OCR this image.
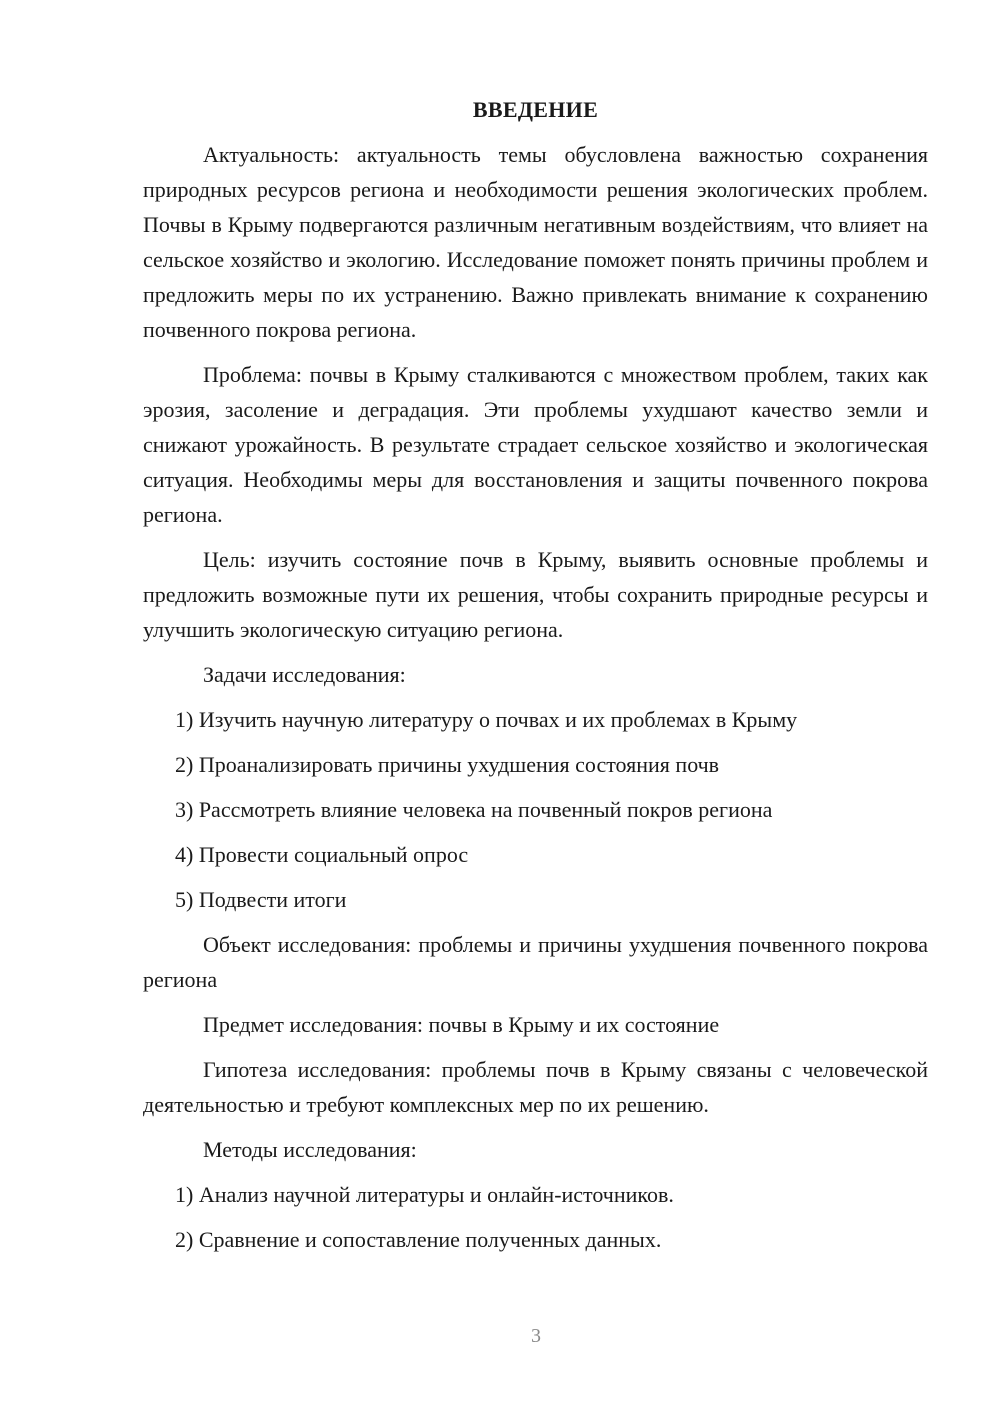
ВВЕДЕНИЕ

Актуальность: актуальность темы обусловлена важностью сохранения природных ресурсов региона и необходимости решения экологических проблем. Почвы в Крыму подвергаются различным негативным воздействиям, что влияет на сельское хозяйство и экологию. Исследование поможет понять причины проблем и предложить меры по их устранению. Важно привлекать внимание к сохранению почвенного покрова региона.

Проблема: почвы в Крыму сталкиваются с множеством проблем, таких как эрозия, засоление и деградация. Эти проблемы ухудшают качество земли и снижают урожайность. В результате страдает сельское хозяйство и экологическая ситуация. Необходимы меры для восстановления и защиты почвенного покрова региона.

Цель: изучить состояние почв в Крыму, выявить основные проблемы и предложить возможные пути их решения, чтобы сохранить природные ресурсы и улучшить экологическую ситуацию региона.

Задачи исследования:

1) Изучить научную литературу о почвах и их проблемах в Крыму
2) Проанализировать причины ухудшения состояния почв
3) Рассмотреть влияние человека на почвенный покров региона
4) Провести социальный опрос
5) Подвести итоги

Объект исследования: проблемы и причины ухудшения почвенного покрова региона

Предмет исследования: почвы в Крыму и их состояние

Гипотеза исследования: проблемы почв в Крыму связаны с человеческой деятельностью и требуют комплексных мер по их решению.

Методы исследования:

1) Анализ научной литературы и онлайн-источников.
2) Сравнение и сопоставление полученных данных.
3
